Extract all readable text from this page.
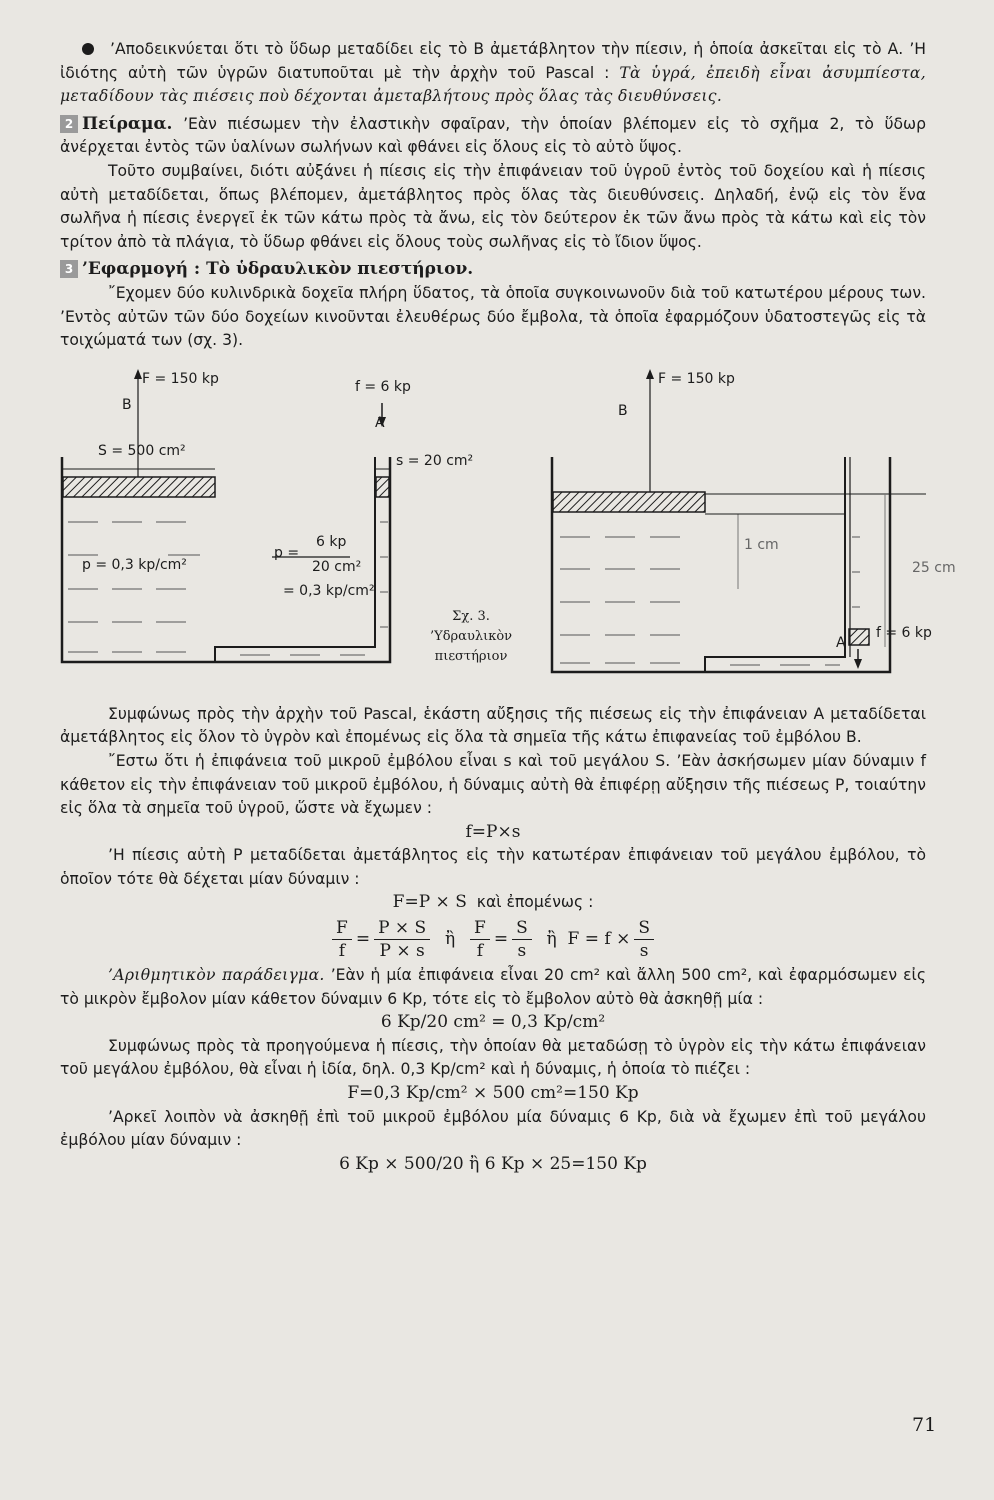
’Αποδεικνύεται ὅτι τὸ ὕδωρ μεταδίδει εἰς τὸ Β ἀμετάβλητον τὴν πίεσιν, ἡ ὁποία ἀσκεῖται εἰς τὸ Α. ’Η ἰδιότης αὐτὴ τῶν ὑγρῶν διατυποῦται μὲ τὴν ἀρχὴν τοῦ Pascal : Τὰ ὑγρά, ἐπειδὴ εἶναι ἀσυμπίεστα, μεταδίδουν τὰς πιέσεις ποὺ δέχονται ἀμεταβλήτους πρὸς ὅλας τὰς διευθύνσεις.

2 Πείραμα. ’Εὰν πιέσωμεν τὴν ἐλαστικὴν σφαῖραν, τὴν ὁποίαν βλέπομεν εἰς τὸ σχῆμα 2, τὸ ὕδωρ ἀνέρχεται ἐντὸς τῶν ὑαλίνων σωλήνων καὶ φθάνει εἰς ὅλους εἰς τὸ αὐτὸ ὕψος.

Τοῦτο συμβαίνει, διότι αὐξάνει ἡ πίεσις εἰς τὴν ἐπιφάνειαν τοῦ ὑγροῦ ἐντὸς τοῦ δοχείου καὶ ἡ πίεσις αὐτὴ μεταδίδεται, ὅπως βλέπομεν, ἀμετάβλητος πρὸς ὅλας τὰς διευθύνσεις. Δηλαδή, ἐνῷ εἰς τὸν ἕνα σωλῆνα ἡ πίεσις ἐνεργεῖ ἐκ τῶν κάτω πρὸς τὰ ἄνω, εἰς τὸν δεύτερον ἐκ τῶν ἄνω πρὸς τὰ κάτω καὶ εἰς τὸν τρίτον ἀπὸ τὰ πλάγια, τὸ ὕδωρ φθάνει εἰς ὅλους τοὺς σωλῆνας εἰς τὸ ἴδιον ὕψος.

3 ’Εφαρμογή : Τὸ ὑδραυλικὸν πιεστήριον.

῎Εχομεν δύο κυλινδρικὰ δοχεῖα πλήρη ὕδατος, τὰ ὁποῖα συγκοινωνοῦν διὰ τοῦ κατωτέρου μέρους των. ’Εντὸς αὐτῶν τῶν δύο δοχείων κινοῦνται ἐλευθέρως δύο ἔμβολα, τὰ ὁποῖα ἐφαρμόζουν ὑδατοστεγῶς εἰς τὰ τοιχώματά των (σχ. 3).

F = 150 kp
B
f = 6 kp
A
S = 500 cm²
s = 20 cm²
p = 0,3 kp/cm²
p =
6 kp
20 cm²
= 0,3 kp/cm²
Σχ. 3.
’Υδραυλικὸν
πιεστήριον
F = 150 kp
B
1 cm
25 cm
A
f = 6 kp

Συμφώνως πρὸς τὴν ἀρχὴν τοῦ Pascal, ἑκάστη αὔξησις τῆς πιέσεως εἰς τὴν ἐπιφάνειαν Α μεταδίδεται ἀμετάβλητος εἰς ὅλον τὸ ὑγρὸν καὶ ἐπομένως εἰς ὅλα τὰ σημεῖα τῆς κάτω ἐπιφανείας τοῦ ἐμβόλου Β.

῎Εστω ὅτι ἡ ἐπιφάνεια τοῦ μικροῦ ἐμβόλου εἶναι s καὶ τοῦ μεγάλου S. ’Εὰν ἀσκήσωμεν μίαν δύναμιν f κάθετον εἰς τὴν ἐπιφάνειαν τοῦ μικροῦ ἐμβόλου, ἡ δύναμις αὐτὴ θὰ ἐπιφέρῃ αὔξησιν τῆς πιέσεως P, τοιαύτην εἰς ὅλα τὰ σημεῖα τοῦ ὑγροῦ, ὥστε νὰ ἔχωμεν :

f=P×s

’Η πίεσις αὐτὴ P μεταδίδεται ἀμετάβλητος εἰς τὴν κατωτέραν ἐπιφάνειαν τοῦ μεγάλου ἐμβόλου, τὸ ὁποῖον τότε θὰ δέχεται μίαν δύναμιν :

F=P × S καὶ ἐπομένως :

$\frac{F}{f} = \frac{P \times S}{P \times s}$ ἢ $\frac{F}{f} = \frac{S}{s}$ ἢ $F = f \times \frac{S}{s}$

’Αριθμητικὸν παράδειγμα. ’Εὰν ἡ μία ἐπιφάνεια εἶναι 20 cm² καὶ ἄλλη 500 cm², καὶ ἐφαρμόσωμεν εἰς τὸ μικρὸν ἔμβολον μίαν κάθετον δύναμιν 6 Kp, τότε εἰς τὸ ἔμβολον αὐτὸ θὰ ἀσκηθῇ μία :

6 Kp/20 cm² = 0,3 Kp/cm²

Συμφώνως πρὸς τὰ προηγούμενα ἡ πίεσις, τὴν ὁποίαν θὰ μεταδώσῃ τὸ ὑγρὸν εἰς τὴν κάτω ἐπιφάνειαν τοῦ μεγάλου ἐμβόλου, θὰ εἶναι ἡ ἰδία, δηλ. 0,3 Kp/cm² καὶ ἡ δύναμις, ἡ ὁποία τὸ πιέζει :

F=0,3 Kp/cm² × 500 cm²=150 Kp

’Αρκεῖ λοιπὸν νὰ ἀσκηθῇ ἐπὶ τοῦ μικροῦ ἐμβόλου μία δύναμις 6 Kp, διὰ νὰ ἔχωμεν ἐπὶ τοῦ μεγάλου ἐμβόλου μίαν δύναμιν :

6 Kp × 500/20 ἢ 6 Kp × 25=150 Kp

71
